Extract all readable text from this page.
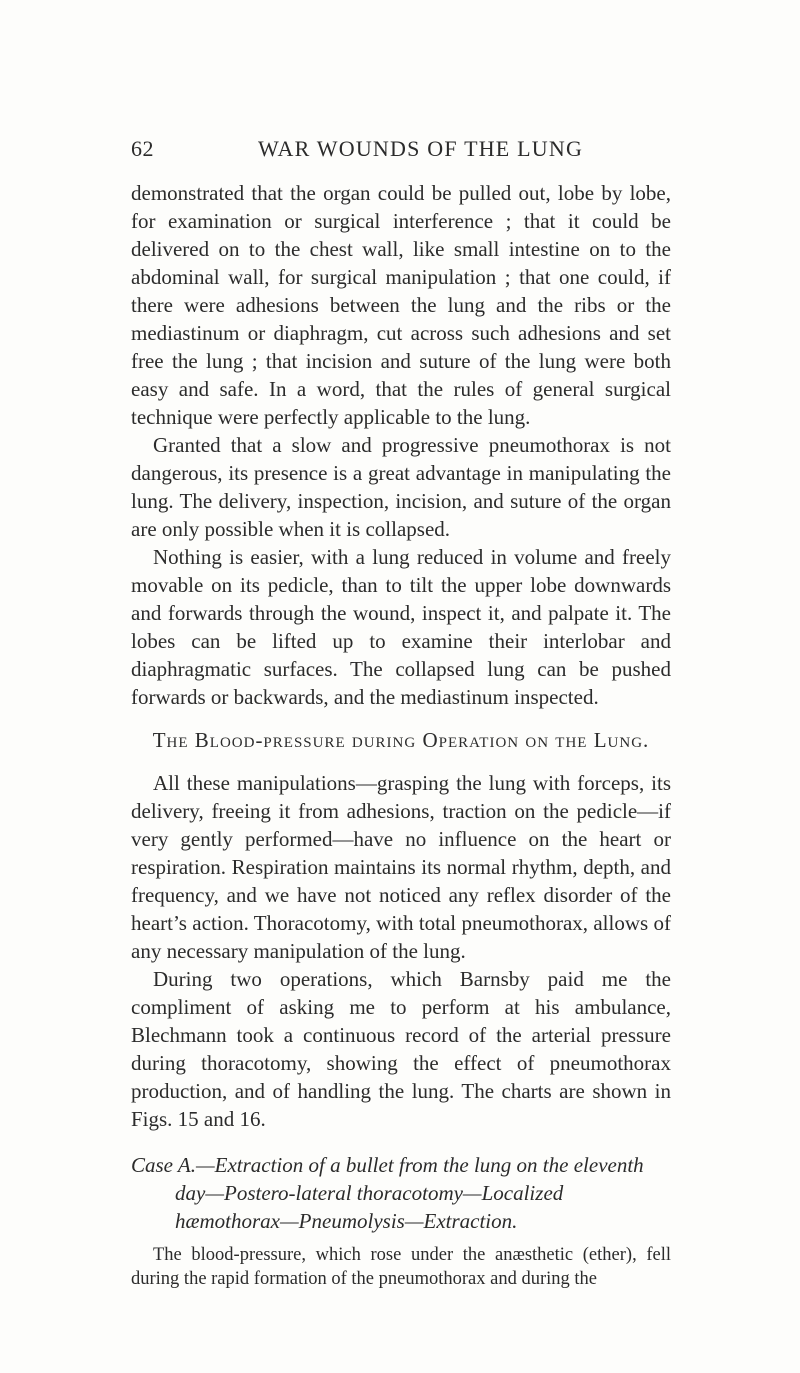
62	WAR WOUNDS OF THE LUNG

demonstrated that the organ could be pulled out, lobe by lobe, for examination or surgical interference ; that it could be delivered on to the chest wall, like small intestine on to the abdominal wall, for surgical manipulation ; that one could, if there were adhesions between the lung and the ribs or the mediastinum or diaphragm, cut across such adhesions and set free the lung ; that incision and suture of the lung were both easy and safe. In a word, that the rules of general surgical technique were perfectly applicable to the lung.

Granted that a slow and progressive pneumothorax is not dangerous, its presence is a great advantage in manipulating the lung. The delivery, inspection, incision, and suture of the organ are only possible when it is collapsed.

Nothing is easier, with a lung reduced in volume and freely movable on its pedicle, than to tilt the upper lobe downwards and forwards through the wound, inspect it, and palpate it. The lobes can be lifted up to examine their interlobar and diaphragmatic surfaces. The collapsed lung can be pushed forwards or backwards, and the mediastinum inspected.

The Blood-pressure during Operation on the Lung.

All these manipulations—grasping the lung with forceps, its delivery, freeing it from adhesions, traction on the pedicle—if very gently performed—have no influence on the heart or respiration. Respiration maintains its normal rhythm, depth, and frequency, and we have not noticed any reflex disorder of the heart’s action. Thoracotomy, with total pneumothorax, allows of any necessary manipulation of the lung.

During two operations, which Barnsby paid me the compliment of asking me to perform at his ambulance, Blechmann took a continuous record of the arterial pressure during thoracotomy, showing the effect of pneumothorax production, and of handling the lung. The charts are shown in Figs. 15 and 16.

Case A.—Extraction of a bullet from the lung on the eleventh day—Postero-lateral thoracotomy—Localized hæmothorax—Pneumolysis—Extraction.

The blood-pressure, which rose under the anæsthetic (ether), fell during the rapid formation of the pneumothorax and during the
